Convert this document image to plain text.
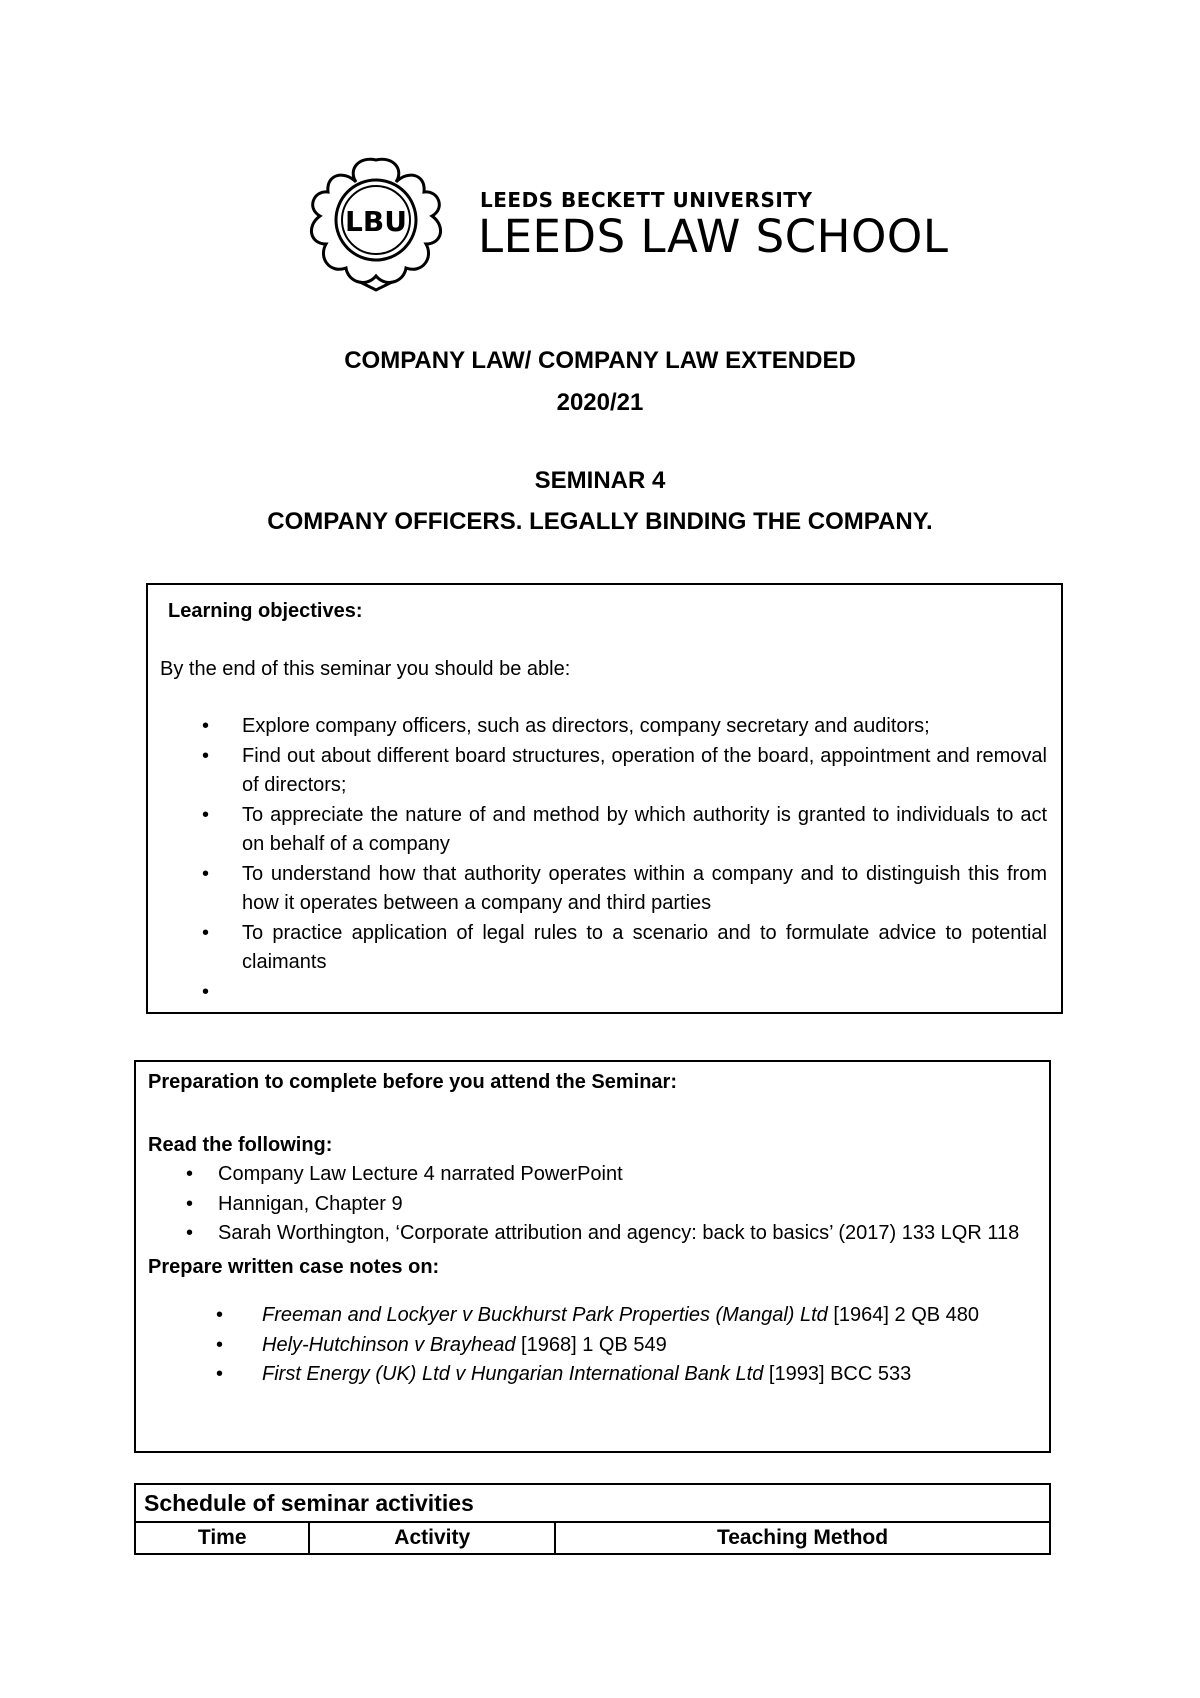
LBU
LEEDS BECKETT UNIVERSITY
LEEDS LAW SCHOOL
COMPANY LAW/ COMPANY LAW EXTENDED
2020/21
SEMINAR 4
COMPANY OFFICERS. LEGALLY BINDING THE COMPANY.
Learning objectives:
By the end of this seminar you should be able:
• Explore company officers, such as directors, company secretary and auditors;
• Find out about different board structures, operation of the board, appointment and removal of directors;
• To appreciate the nature of and method by which authority is granted to individuals to act on behalf of a company
• To understand how that authority operates within a company and to distinguish this from how it operates between a company and third parties
• To practice application of legal rules to a scenario and to formulate advice to potential claimants
•

Preparation to complete before you attend the Seminar:
Read the following:
• Company Law Lecture 4 narrated PowerPoint
• Hannigan, Chapter 9
• Sarah Worthington, ‘Corporate attribution and agency: back to basics’ (2017) 133 LQR 118
Prepare written case notes on:
• Freeman and Lockyer v Buckhurst Park Properties (Mangal) Ltd [1964] 2 QB 480
• Hely-Hutchinson v Brayhead [1968] 1 QB 549
• First Energy (UK) Ltd v Hungarian International Bank Ltd [1993] BCC 533
Schedule of seminar activities
Time	Activity	Teaching Method
